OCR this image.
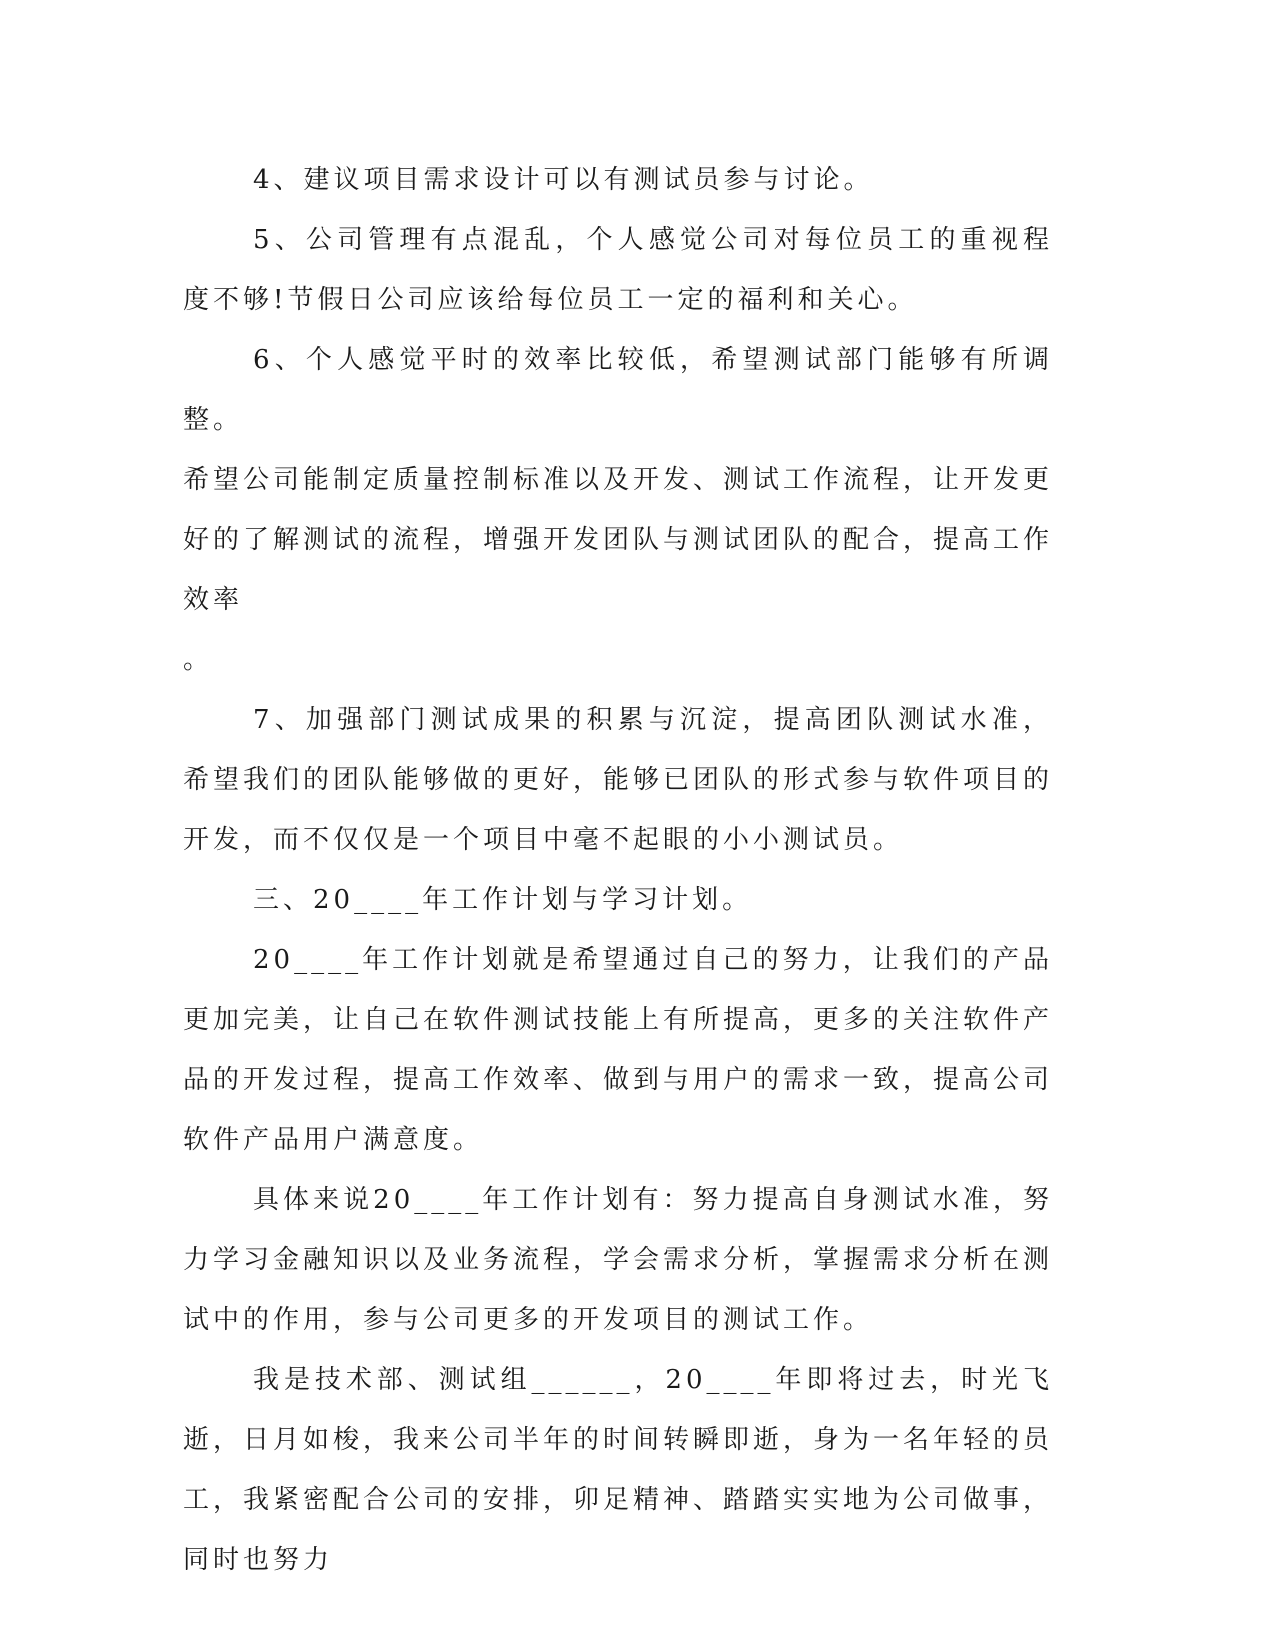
4、建议项目需求设计可以有测试员参与讨论。

5、公司管理有点混乱，个人感觉公司对每位员工的重视程度不够!节假日公司应该给每位员工一定的福利和关心。

6、个人感觉平时的效率比较低，希望测试部门能够有所调整。

希望公司能制定质量控制标准以及开发、测试工作流程，让开发更好的了解测试的流程，增强开发团队与测试团队的配合，提高工作效率

。

7、加强部门测试成果的积累与沉淀，提高团队测试水准，希望我们的团队能够做的更好，能够已团队的形式参与软件项目的开发，而不仅仅是一个项目中毫不起眼的小小测试员。

三、20____年工作计划与学习计划。

20____年工作计划就是希望通过自己的努力，让我们的产品更加完美，让自己在软件测试技能上有所提高，更多的关注软件产品的开发过程，提高工作效率、做到与用户的需求一致，提高公司软件产品用户满意度。

具体来说20____年工作计划有：努力提高自身测试水准，努力学习金融知识以及业务流程，学会需求分析，掌握需求分析在测试中的作用，参与公司更多的开发项目的测试工作。

我是技术部、测试组______，20____年即将过去，时光飞逝，日月如梭，我来公司半年的时间转瞬即逝，身为一名年轻的员工，我紧密配合公司的安排，卯足精神、踏踏实实地为公司做事，同时也努力
